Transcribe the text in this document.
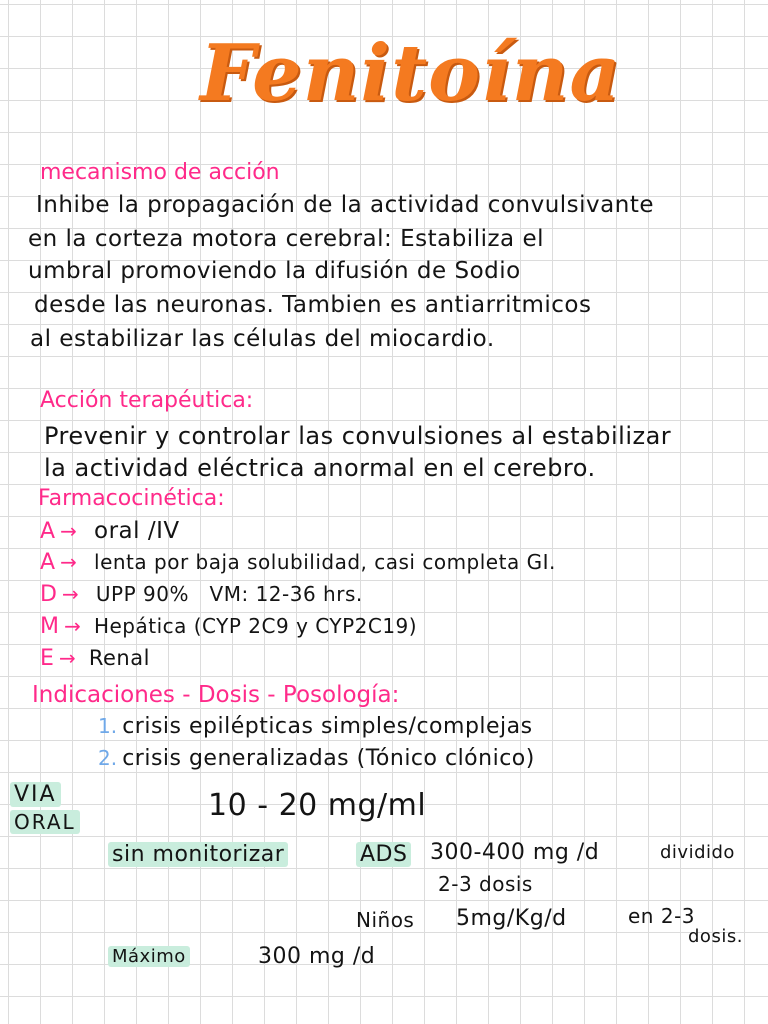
Fenitoína
mecanismo de acción
Inhibe la propagación de la actividad convulsivante
en la corteza motora cerebral: Estabiliza el
umbral promoviendo la difusión de Sodio
desde las neuronas. Tambien es antiarritmicos
al estabilizar las células del miocardio.
Acción terapéutica:
Prevenir y controlar las convulsiones al estabilizar
la actividad eléctrica anormal en el cerebro.
Farmacocinética:
A → oral /IV
A → lenta por baja solubilidad, casi completa GI.
D → UPP 90%   VM: 12-36 hrs.
M → Hepática (CYP 2C9 y CYP2C19)
E → Renal
Indicaciones - Dosis - Posología:
1. crisis epilépticas simples/complejas
2. crisis generalizadas (Tónico clónico)
VIA
ORAL	10 - 20 mg/ml
sin monitorizar	ADS 300-400 mg /d	dividido
2-3 dosis
Niños 5mg/Kg/d	en 2-3
dosis.
Máximo	300 mg /d
